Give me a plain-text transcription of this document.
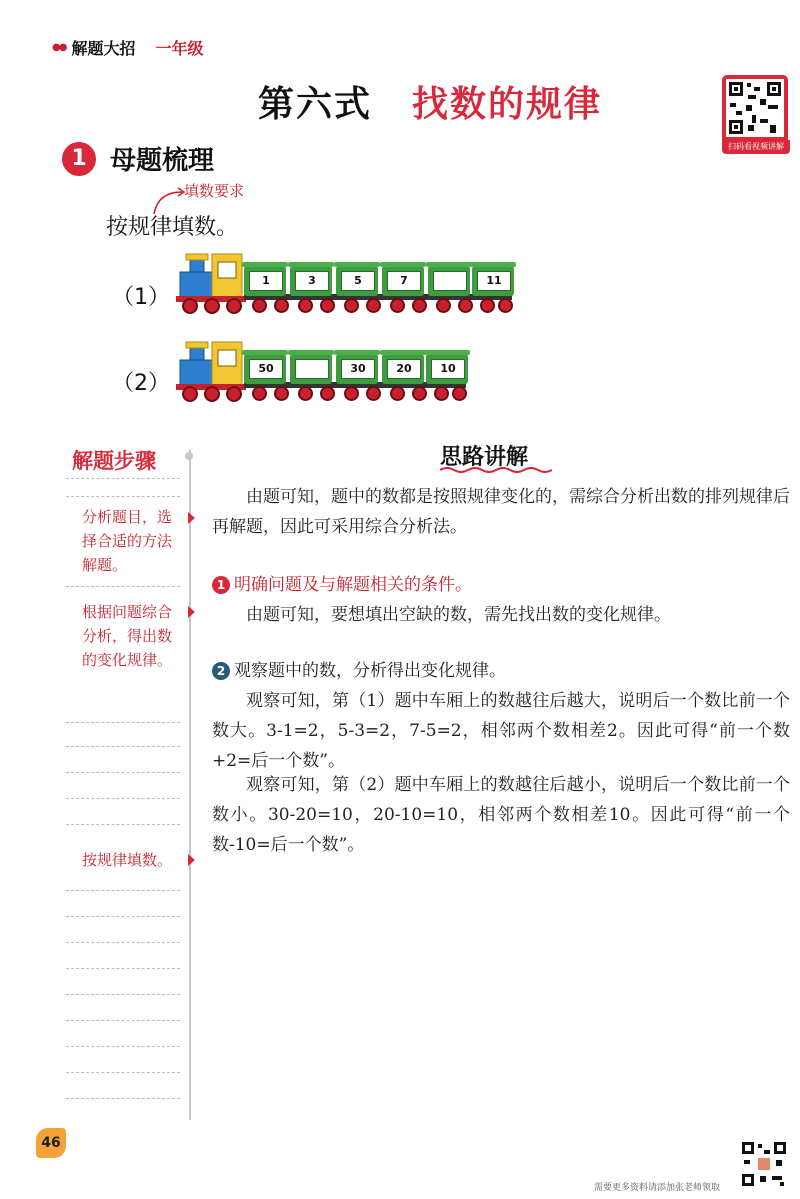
●● 解题大招 一年级
第六式 找数的规律
扫码看视频讲解
1 母题梳理
填数要求
按规律填数。
（1）
1	3	5	7	11
（2）
50	30	20	10
解题步骤
分析题目，选择合适的方法解题。
根据问题综合分析，得出数的变化规律。
按规律填数。
思路讲解
由题可知，题中的数都是按照规律变化的，需综合分析出数的排列规律后再解题，因此可采用综合分析法。
1 明确问题及与解题相关的条件。
由题可知，要想填出空缺的数，需先找出数的变化规律。
2 观察题中的数，分析得出变化规律。
观察可知，第（1）题中车厢上的数越往后越大，说明后一个数比前一个数大。3-1=2，5-3=2，7-5=2，相邻两个数相差2。因此可得“前一个数+2=后一个数”。
观察可知，第（2）题中车厢上的数越往后越小，说明后一个数比前一个数小。30-20=10，20-10=10，相邻两个数相差10。因此可得“前一个数-10=后一个数”。
46
需要更多资料请添加张老师领取
